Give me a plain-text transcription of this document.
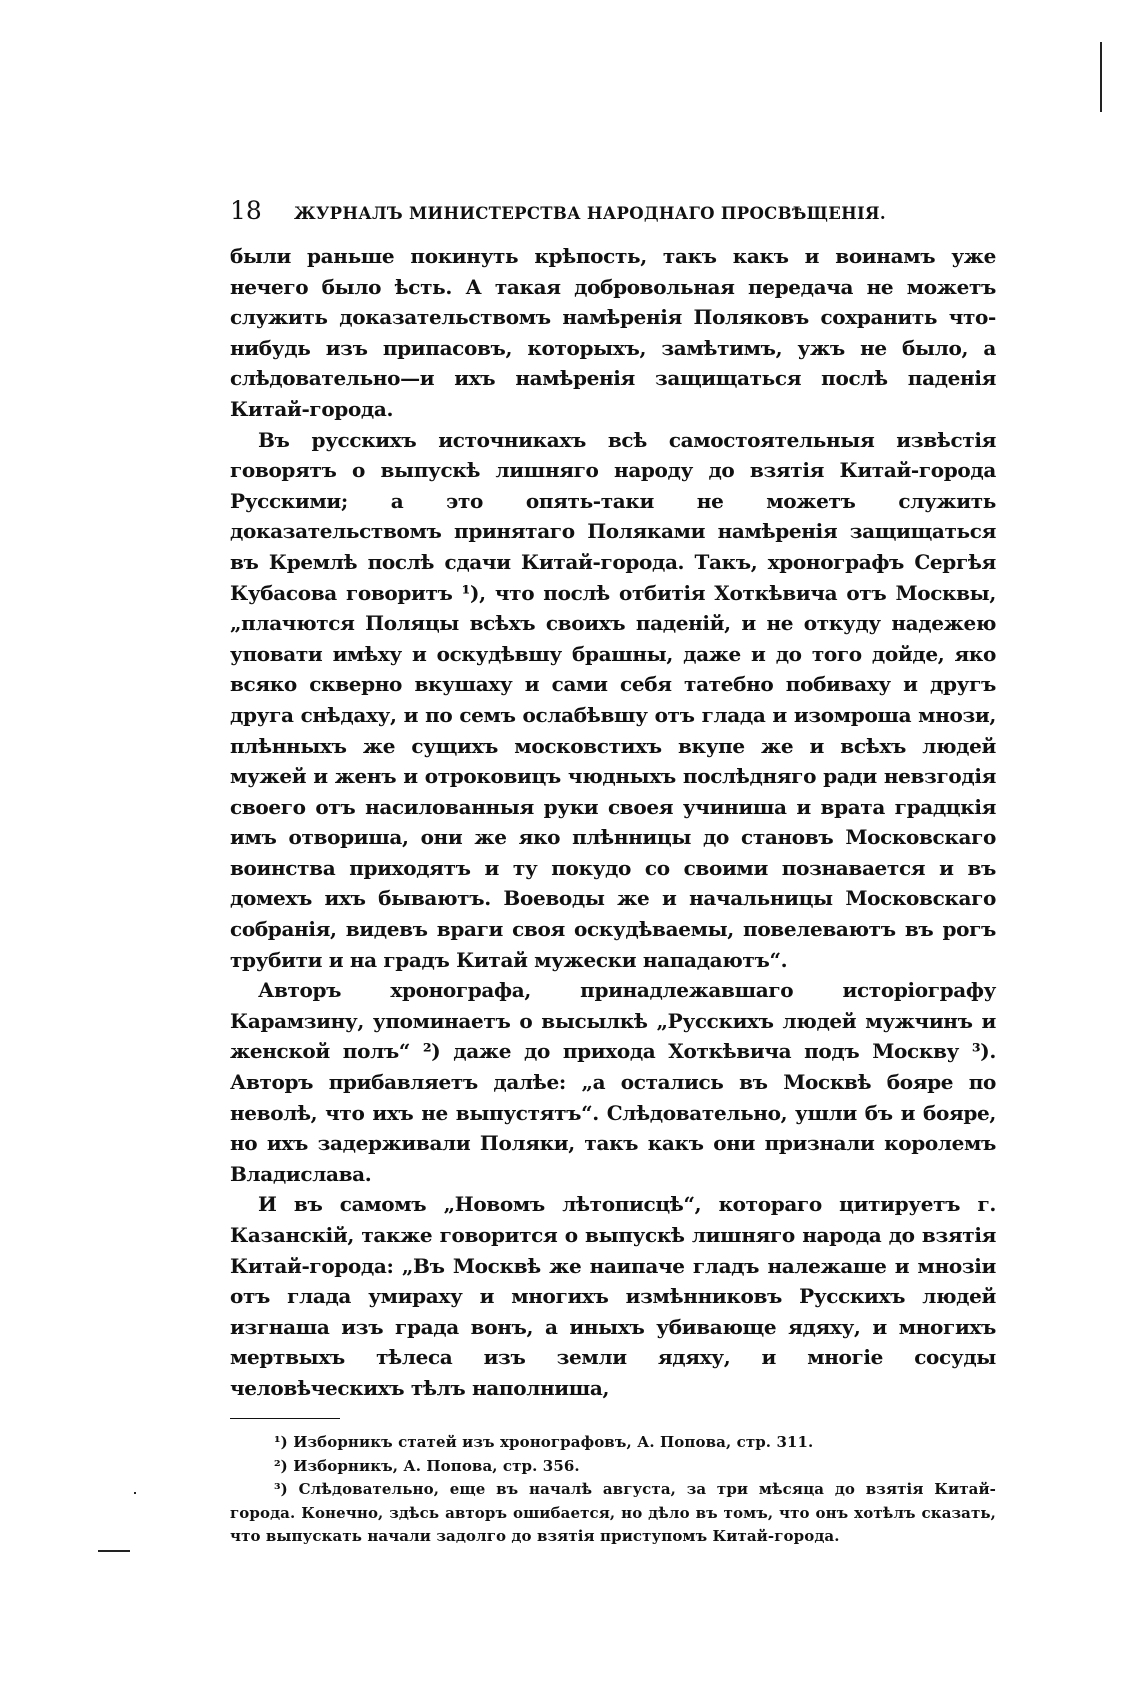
18	ЖУРНАЛЪ МИНИСТЕРСТВА НАРОДНАГО ПРОСВѢЩЕНІЯ.

были раньше покинуть крѣпость, такъ какъ и воинамъ уже нечего было ѣсть. А такая добровольная передача не можетъ служить доказательствомъ намѣренія Поляковъ сохранить что-нибудь изъ припасовъ, которыхъ, замѣтимъ, ужъ не было, а слѣдовательно—и ихъ намѣренія защищаться послѣ паденія Китай-города.

Въ русскихъ источникахъ всѣ самостоятельныя извѣстія говорятъ о выпускѣ лишняго народу до взятія Китай-города Русскими; а это опять-таки не можетъ служить доказательствомъ принятаго Поляками намѣренія защищаться въ Кремлѣ послѣ сдачи Китай-города. Такъ, хронографъ Сергѣя Кубасова говоритъ ¹), что послѣ отбитія Хоткѣвича отъ Москвы, „плачются Поляцы всѣхъ своихъ паденій, и не откуду надежею уповати имѣху и оскудѣвшу брашны, даже и до того дойде, яко всяко скверно вкушаху и сами себя татебно побиваху и другъ друга снѣдаху, и по семъ ослабѣвшу отъ глада и изомроша мнози, плѣнныхъ же сущихъ московстихъ вкупе же и всѣхъ людей мужей и женъ и отроковицъ чюдныхъ послѣдняго ради невзгодія своего отъ насилованныя руки своея учиниша и врата градцкія имъ отвориша, они же яко плѣнницы до становъ Московскаго воинства приходятъ и ту покудо со своими познавается и въ домехъ ихъ бываютъ. Воеводы же и начальницы Московскаго собранія, видевъ враги своя оскудѣваемы, повелеваютъ въ рогъ трубити и на градъ Китай мужески нападаютъ“.

Авторъ хронографа, принадлежавшаго исторіографу Карамзину, упоминаетъ о высылкѣ „Русскихъ людей мужчинъ и женской полъ“ ²) даже до прихода Хоткѣвича подъ Москву ³). Авторъ прибавляетъ далѣе: „а остались въ Москвѣ бояре по неволѣ, что ихъ не выпустятъ“. Слѣдовательно, ушли бъ и бояре, но ихъ задерживали Поляки, такъ какъ они признали королемъ Владислава.

И въ самомъ „Новомъ лѣтописцѣ“, котораго цитируетъ г. Казанскій, также говорится о выпускѣ лишняго народа до взятія Китай-города: „Въ Москвѣ же наипаче гладъ належаше и мнозіи отъ глада умираху и многихъ измѣнниковъ Русскихъ людей изгнаша изъ града вонъ, а иныхъ убивающе ядяху, и многихъ мертвыхъ тѣлеса изъ земли ядяху, и многіе сосуды человѣческихъ тѣлъ наполниша,

¹) Изборникъ статей изъ хронографовъ, А. Попова, стр. 311.

²) Изборникъ, А. Попова, стр. 356.

³) Слѣдовательно, еще въ началѣ августа, за три мѣсяца до взятія Китай-города. Конечно, здѣсь авторъ ошибается, но дѣло въ томъ, что онъ хотѣлъ сказать, что выпускать начали задолго до взятія приступомъ Китай-города.
